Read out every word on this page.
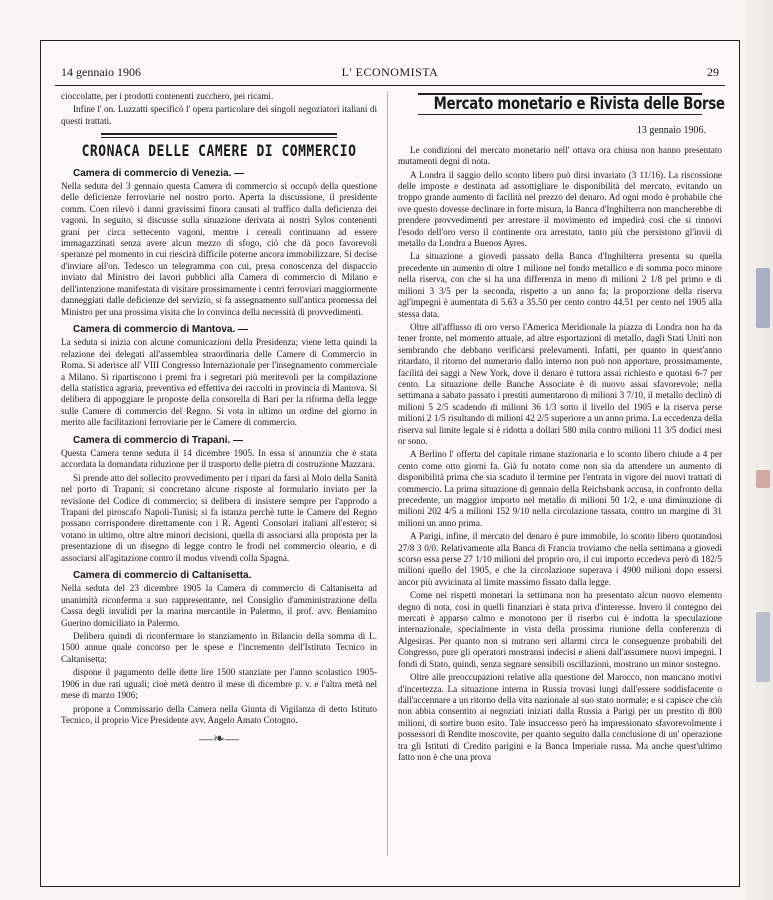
14 gennaio 1906	L' ECONOMISTA	29

cioccolatte, per i prodotti contenenti zucchero, pei ricami.

Infine l' on. Luzzatti specificò l' opera particolare dei singoli negoziatori italiani di questi trattati.

CRONACA DELLE CAMERE DI COMMERCIO
Camera di commercio di Venezia. —

Nella seduta del 3 gennaio questa Camera di commercio si occupò della questione delle deficienze ferroviarie nel nostro porto. Aperta la discussione, il presidente comm. Coen rilevò i danni gravissimi finora causati al traffico dalla deficienza dei vagoni. In seguito, si discusse sulla situazione derivata ai nostri Sylos contenenti grani per circa settecento vagoni, mentre i cereali continuano ad essere immagazzinati senza avere alcun mezzo di sfogo, ciò che dà poco favorevoli speranze pel momento in cui riescirà difficile poterne ancora immobilizzare. Si decise d'inviare all'on. Tedesco un telegramma con cui, presa conoscenza del dispaccio inviato dal Ministro dei lavori pubblici alla Camera di commercio di Milano e dell'intenzione manifestata di visitare prossimamente i centri ferroviari maggiormente danneggiati dalle deficienze del servizio, si fa assegnamento sull'antica promessa del Ministro per una prossima visita che lo convinca della necessità di provvedimenti.

Camera di commercio di Mantova. —

La seduta si inizia con alcune comunicazioni della Presidenza; viene letta quindi la relazione dei delegati all'assemblea straordinaria delle Camere di Commercio in Roma. Si aderisce all' VIII Congresso Internazionale per l'insegnamento commerciale a Milano. Si ripartiscono i premi fra i segretari più meritevoli per la compilazione della statistica agraria, preventiva ed effettiva dei raccolti in provincia di Mantova. Si delibera di appoggiare le proposte della consorella di Bari per la riforma della legge sulle Camere di commercio del Regno. Si vota in ultimo un ordine del giorno in merito alle facilitazioni ferroviarie per le Camere di commercio.

Camera di commercio di Trapani. —

Questa Camera tenne seduta il 14 dicembre 1905. In essa si annunzia che è stata accordata la domandata riduzione per il trasporto delle pietra di costruzione Mazzara.

Si prende atto del sollecito provvedimento per i ripari da farsi al Molo della Sanità nel porto di Trapani; si concretano alcune risposte al formulario inviato per la revisione del Codice di commercio; si delibera di insistere sempre per l'approdo a Trapani del piroscafo Napoli-Tunisi; si fa istanza perchè tutte le Camere del Regno possano corrispondere direttamente con i R. Agenti Consolari italiani all'estero; si votano in ultimo, oltre altre minori decisioni, quella di associarsi alla proposta per la presentazione di un disegno di legge contro le frodi nel commercio oleario, e di associarsi all'agitazione contro il modus vivendi colla Spagna.

Camera di commercio di Caltanisetta.

Nella seduta del 23 dicembre 1905 la Camera di commercio di Caltanisetta ad unanimità riconferma a suo rappresentante, nel Consiglio d'amministrazione della Cassa degli invalidi per la marina mercantile in Palermo, il prof. avv. Beniamino Guerino domiciliato in Palermo.

Delibera quindi di riconfermare lo stanziamento in Bilancio della somma di L. 1500 annue quale concorso per le spese e l'incremento dell'Istituto Tecnico in Caltanisetta;

dispone il pagamento delle dette lire 1500 stanziate per l'anno scolastico 1905-1906 in due rati uguali; cioè metà dentro il mese di dicembre p. v. e l'altra metà nel mese di marzo 1906;

propone a Commissario della Camera nella Giunta di Vigilanza di detto Istituto Tecnico, il proprio Vice Presidente avv. Angelo Amato Cotogno.

—❧—
Mercato monetario e Rivista delle Borse
13 gennaio 1906.

Le condizioni del mercato monetario nell' ottava ora chiusa non hanno presentato mutamenti degni di nota.

A Londra il saggio dello sconto libero può dirsi invariato (3 11/16). La riscossione delle imposte e destinata ad assottigliare le disponibilità del mercato, evitando un troppo grande aumento di facilità nel prezzo del denaro. Ad ogni modo è probabile che ove questo dovesse declinare in forte misura, la Banca d'Inghilterra non mancherebbe di prendere provvedimenti per arrestare il movimento ed impedirà così che si rinnovi l'esodo dell'oro verso il continente ora arrestato, tanto più che persistono gl'invii di metallo da Londra a Buenos Ayres.

La situazione a giovedì passato della Banca d'Inghilterra presenta su quella precedente un aumento di oltre 1 milione nel fondo metallico e di somma poco minore nella riserva, con che si ha una differenza in meno di milioni 2 1/8 pel primo e di milioni 3 3/5 per la seconda, rispetto a un anno fa; la proporzione della riserva agl'impegni è aumentata di 5.63 a 35.50 per cento contro 44.51 per cento nel 1905 alla stessa data.

Oltre all'afflusso di oro verso l'America Meridionale la piazza di Londra non ha da tener fronte, nel momento attuale, ad altre esportazioni di metallo, dagli Stati Uniti non sembrando che debbano verificarsi prelevamenti. Infatti, per quanto in quest'anno ritardato, il ritorno del numerario dallo interno non può non apportare, prossimamente, facilità dei saggi a New York, dove il denaro è tuttora assai richiesto e quotasi 6-7 per cento. La situazione delle Banche Associate è di nuovo assai sfavorevole; nella settimana a sabato passato i prestiti aumentarono di milioni 3 7/10, il metallo declinò di milioni 5 2/5 scadendo di milioni 36 1/3 sotto il livello del 1905 e la riserva perse milioni 2 1/5 risultando di milioni 42 2/5 superiore a un anno prima. La eccedenza della riserva sul limite legale si è ridotta a dollari 580 mila contro milioni 11 3/5 dodici mesi or sono.

A Berlino l' offerta del capitale rimane stazionaria e lo sconto libero chiude a 4 per cento come otto giorni fa. Già fu notato come non sia da attendere un aumento di disponibilità prima che sia scaduto il termine per l'entrata in vigore dei nuovi trattati di commercio. La prima situazione di gennaio della Reichsbank accusa, in confronto della precedente, un maggior importo nel metallo di milioni 50 1/2, e una diminuzione di milioni 202 4/5 a milioni 152 9/10 nella circolazione tassata, contro un margine di 31 milioni un anno prima.

A Parigi, infine, il mercato del denaro è pure immobile, lo sconto libero quotandosi 27/8 3 0/0. Relativamente alla Banca di Francia troviamo che nella settimana a giovedì scorso essa perse 27 1/10 milioni del proprio oro, il cui importo eccedeva però di 182/5 milioni quello del 1905, e che la circolazione superava i 4900 milioni dopo essersi ancor più avvicinata al limite massimo fissato dalla legge.

Come nei rispetti monetari la settimana non ha presentato alcun nuovo elemento degno di nota, così in quelli finanziari è stata priva d'interesse. Invero il contegno dei mercati è apparso calmo e monotono per il riserbo cui è indotta la speculazione internazionale, specialmente in vista della prossima riunione della conferenza di Algesiras. Per quanto non si nutrano seri allarmi circa le conseguenze probabili del Congresso, pure gli operatori mostransi indecisi e alieni dall'assumere nuovi impegni. I fondi di Stato, quindi, senza segnare sensibili oscillazioni, mostrano un minor sostegno.

Oltre alle preoccupazioni relative alla questione del Marocco, non mancano motivi d'incertezza. La situazione interna in Russia trovasi lungi dall'essere soddisfacente o dall'accennare a un ritorno della vita nazionale al suo stato normale; e si capisce che ciò non abbia consentito ai negoziati iniziati dalla Russia a Parigi per un prestito di 800 milioni, di sortire buon esito. Tale insuccesso però ha impressionato sfavorevolmente i possessori di Rendite moscovite, per quanto seguito dalla conclusione di un' operazione tra gli Istituti di Credito parigini e la Banca Imperiale russa. Ma anche quest'ultimo fatto non è che una prova
